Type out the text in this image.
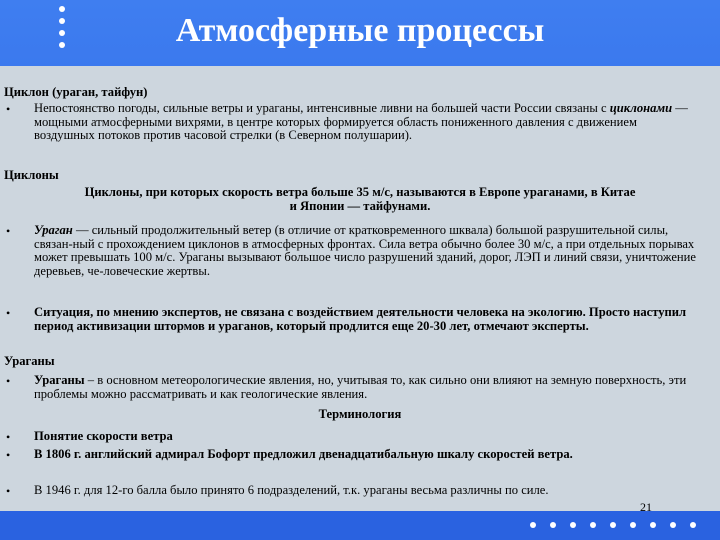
Атмосферные процессы

Циклон (ураган, тайфун)

• Непостоянство погоды, сильные ветры и ураганы, интенсивные ливни на большей части России связаны с циклонами — мощными атмосферными вихрями, в центре которых формируется область пониженного давления с движением воздушных потоков против часовой стрелки (в Северном полушарии).

Циклоны

Циклоны, при которых скорость ветра больше 35 м/с, называются в Европе ураганами, в Китае и Японии — тайфунами.

• Ураган — сильный продолжительный ветер (в отличие от кратковременного шквала) большой разрушительной силы, связан-ный с прохождением циклонов в атмосферных фронтах. Сила ветра обычно более 30 м/с, а при отдельных порывах может превышать 100 м/с. Ураганы вызывают большое число разрушений зданий, дорог, ЛЭП и линий связи, уничтожение деревьев, че-ловеческие жертвы.

• Ситуация, по мнению экспертов, не связана с воздействием деятельности человека на экологию. Просто наступил период активизации штормов и ураганов, который продлится еще 20-30 лет, отмечают эксперты.

Ураганы

• Ураганы – в основном метеорологические явления, но, учитывая то, как сильно они влияют на земную поверхность, эти проблемы можно рассматривать и как геологические явления.

Терминология

• Понятие скорости ветра

• В 1806 г. английский адмирал Бофорт предложил двенадцатибальную шкалу скоростей ветра.

• В 1946 г. для 12-го балла было принято 6 подразделений, т.к. ураганы весьма различны по силе.

21
